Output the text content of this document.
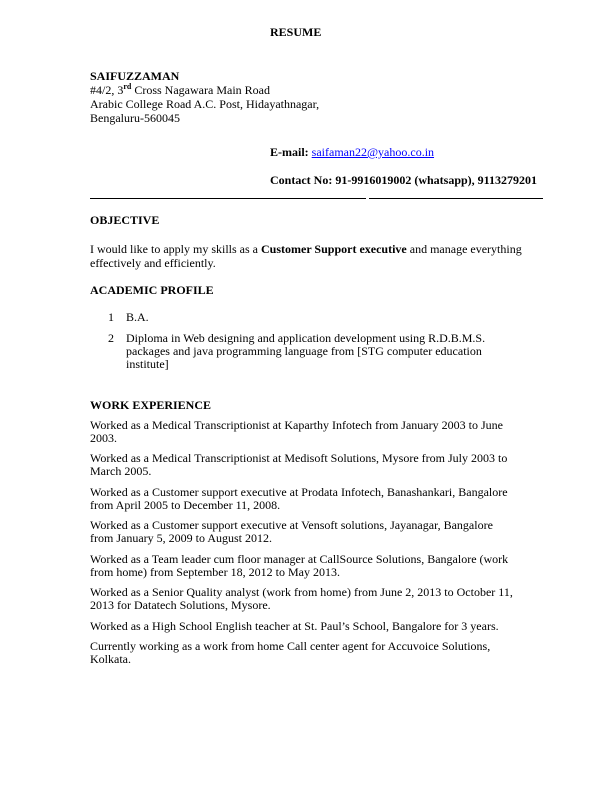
RESUME
SAIFUZZAMAN
#4/2, 3rd Cross Nagawara Main Road
Arabic College Road A.C. Post, Hidayathnagar,
Bengaluru-560045
E-mail: saifaman22@yahoo.co.in
Contact No: 91-9916019002 (whatsapp), 9113279201
OBJECTIVE
I would like to apply my skills as a Customer Support executive and manage everything
effectively and efficiently.
ACADEMIC PROFILE
1 B.A.
2 Diploma in Web designing and application development using R.D.B.M.S.
packages and java programming language from [STG computer education
institute]
WORK EXPERIENCE
Worked as a Medical Transcriptionist at Kaparthy Infotech from January 2003 to June
2003.
Worked as a Medical Transcriptionist at Medisoft Solutions, Mysore from July 2003 to
March 2005.
Worked as a Customer support executive at Prodata Infotech, Banashankari, Bangalore
from April 2005 to December 11, 2008.
Worked as a Customer support executive at Vensoft solutions, Jayanagar, Bangalore
from January 5, 2009 to August 2012.
Worked as a Team leader cum floor manager at CallSource Solutions, Bangalore (work
from home) from September 18, 2012 to May 2013.
Worked as a Senior Quality analyst (work from home) from June 2, 2013 to October 11,
2013 for Datatech Solutions, Mysore.
Worked as a High School English teacher at St. Paul’s School, Bangalore for 3 years.
Currently working as a work from home Call center agent for Accuvoice Solutions,
Kolkata.
